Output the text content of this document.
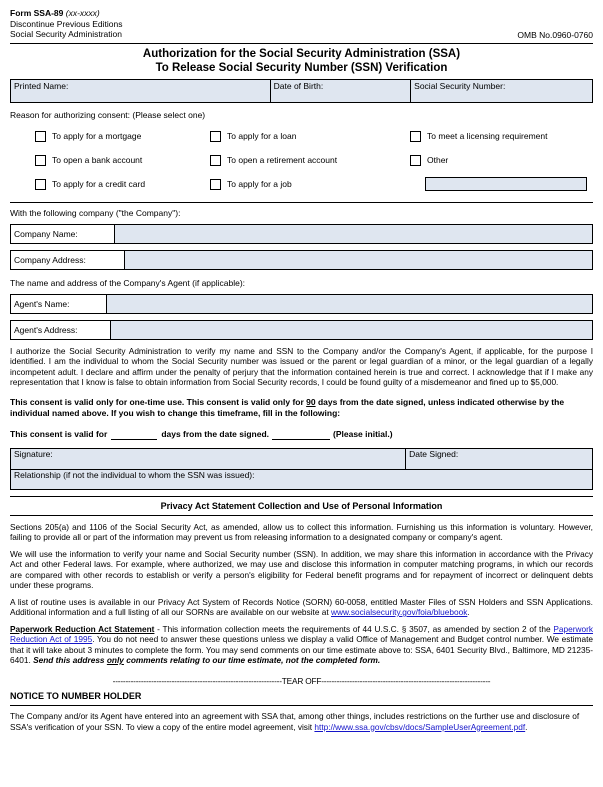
Form SSA-89 (xx-xxxx)
Discontinue Previous Editions
Social Security Administration	OMB No.0960-0760
Authorization for the Social Security Administration (SSA)
To Release Social Security Number (SSN) Verification
Printed Name:	Date of Birth:	Social Security Number:
Reason for authorizing consent: (Please select one)
To apply for a mortgage	To apply for a loan	To meet a licensing requirement
To open a bank account	To open a retirement account	Other
To apply for a credit card	To apply for a job
With the following company ("the Company"):
Company Name:
Company Address:
The name and address of the Company's Agent (if applicable):
Agent's Name:
Agent's Address:
I authorize the Social Security Administration to verify my name and SSN to the Company and/or the Company's Agent, if applicable, for the purpose I identified. I am the individual to whom the Social Security number was issued or the parent or legal guardian of a minor, or the legal guardian of a legally incompetent adult. I declare and affirm under the penalty of perjury that the information contained herein is true and correct. I acknowledge that if I make any representation that I know is false to obtain information from Social Security records, I could be found guilty of a misdemeanor and fined up to $5,000.
This consent is valid only for one-time use. This consent is valid only for 90 days from the date signed, unless indicated otherwise by the individual named above. If you wish to change this timeframe, fill in the following:
This consent is valid for	days from the date signed.	(Please initial.)
Signature:	Date Signed:
Relationship (if not the individual to whom the SSN was issued):
Privacy Act Statement Collection and Use of Personal Information
Sections 205(a) and 1106 of the Social Security Act, as amended, allow us to collect this information. Furnishing us this information is voluntary. However, failing to provide all or part of the information may prevent us from releasing information to a designated company or company's agent.
We will use the information to verify your name and Social Security number (SSN). In addition, we may share this information in accordance with the Privacy Act and other Federal laws. For example, where authorized, we may use and disclose this information in computer matching programs, in which our records are compared with other records to establish or verify a person's eligibility for Federal benefit programs and for repayment of incorrect or delinquent debts under these programs.
A list of routine uses is available in our Privacy Act System of Records Notice (SORN) 60-0058, entitled Master Files of SSN Holders and SSN Applications. Additional information and a full listing of all our SORNs are available on our website at www.socialsecurity.gov/foia/bluebook.
Paperwork Reduction Act Statement - This information collection meets the requirements of 44 U.S.C. § 3507, as amended by section 2 of the Paperwork Reduction Act of 1995. You do not need to answer these questions unless we display a valid Office of Management and Budget control number. We estimate that it will take about 3 minutes to complete the form. You may send comments on our time estimate above to: SSA, 6401 Security Blvd., Baltimore, MD 21235-6401. Send this address only comments relating to our time estimate, not the completed form.
------------------------------------------------------------------TEAR OFF------------------------------------------------------------------
NOTICE TO NUMBER HOLDER
The Company and/or its Agent have entered into an agreement with SSA that, among other things, includes restrictions on the further use and disclosure of SSA's verification of your SSN. To view a copy of the entire model agreement, visit http://www.ssa.gov/cbsv/docs/SampleUserAgreement.pdf.
